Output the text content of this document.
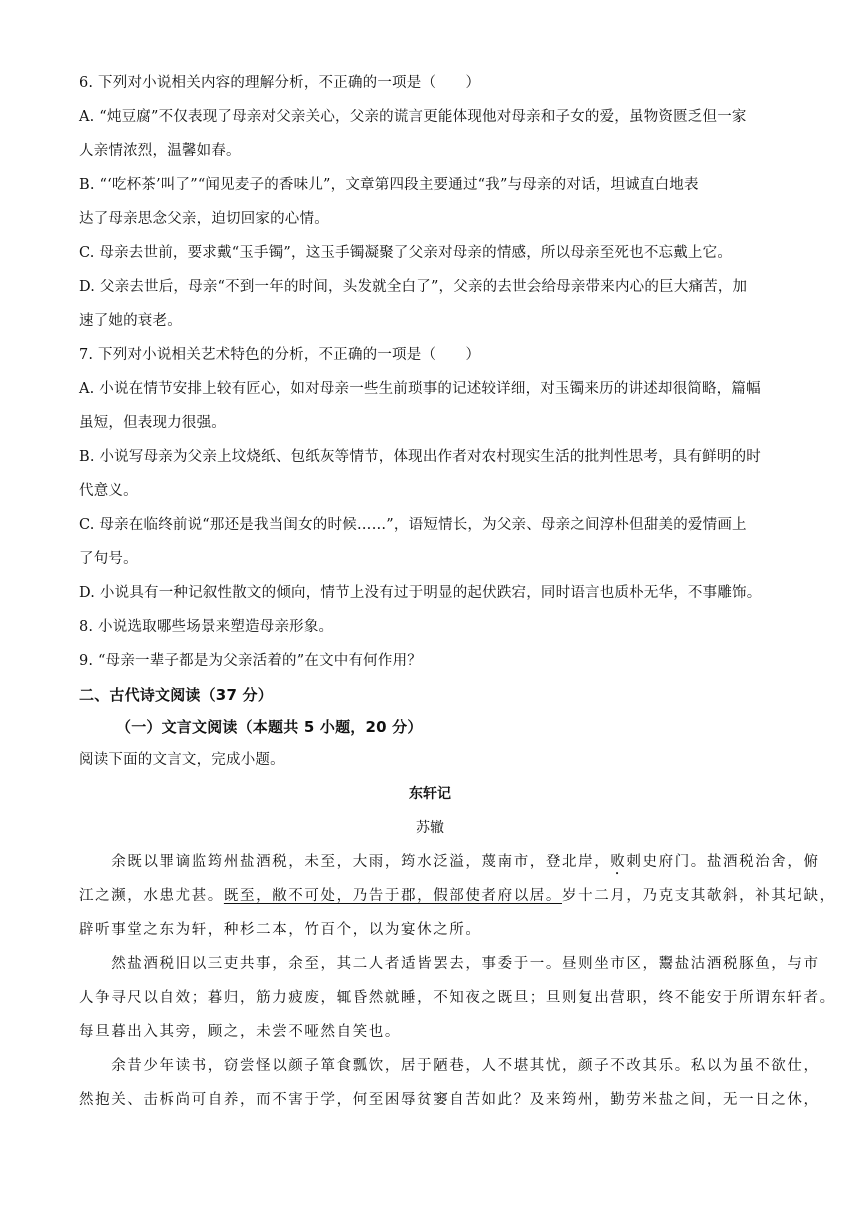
6. 下列对小说相关内容的理解分析，不正确的一项是（　　）
A. “炖豆腐”不仅表现了母亲对父亲关心，父亲的谎言更能体现他对母亲和子女的爱，虽物资匮乏但一家
人亲情浓烈，温馨如春。
B. “‘吃杯茶’叫了”“闻见麦子的香味儿”，文章第四段主要通过“我”与母亲的对话，坦诚直白地表
达了母亲思念父亲，迫切回家的心情。
C. 母亲去世前，要求戴“玉手镯”，这玉手镯凝聚了父亲对母亲的情感，所以母亲至死也不忘戴上它。
D. 父亲去世后，母亲“不到一年的时间，头发就全白了”，父亲的去世会给母亲带来内心的巨大痛苦，加
速了她的衰老。
7. 下列对小说相关艺术特色的分析，不正确的一项是（　　）
A. 小说在情节安排上较有匠心，如对母亲一些生前琐事的记述较详细，对玉镯来历的讲述却很简略，篇幅
虽短，但表现力很强。
B. 小说写母亲为父亲上坟烧纸、包纸灰等情节，体现出作者对农村现实生活的批判性思考，具有鲜明的时
代意义。
C. 母亲在临终前说“那还是我当闺女的时候……”，语短情长，为父亲、母亲之间淳朴但甜美的爱情画上
了句号。
D. 小说具有一种记叙性散文的倾向，情节上没有过于明显的起伏跌宕，同时语言也质朴无华，不事雕饰。
8. 小说选取哪些场景来塑造母亲形象。
9. “母亲一辈子都是为父亲活着的”在文中有何作用？
二、古代诗文阅读（37 分）
（一）文言文阅读（本题共 5 小题，20 分）
阅读下面的文言文，完成小题。
东轩记
苏辙
　　余既以罪谪监筠州盐酒税，未至，大雨，筠水泛溢，蔑南市，登北岸，败刺史府门。盐酒税治舍，俯
江之濒，水患尤甚。既至，敝不可处，乃告于郡，假部使者府以居。岁十二月，乃克支其欹斜，补其圮缺，
辟听事堂之东为轩，种杉二本，竹百个，以为宴休之所。
　　然盐酒税旧以三吏共事，余至，其二人者适皆罢去，事委于一。昼则坐市区，鬻盐沽酒税豚鱼，与市
人争寻尺以自效；暮归，筋力疲废，辄昏然就睡，不知夜之既旦；旦则复出营职，终不能安于所谓东轩者。
每旦暮出入其旁，顾之，未尝不哑然自笑也。
　　余昔少年读书，窃尝怪以颜子箪食瓢饮，居于陋巷，人不堪其忧，颜子不改其乐。私以为虽不欲仕，
然抱关、击柝尚可自养，而不害于学，何至困辱贫窭自苦如此？及来筠州，勤劳米盐之间，无一日之休，
